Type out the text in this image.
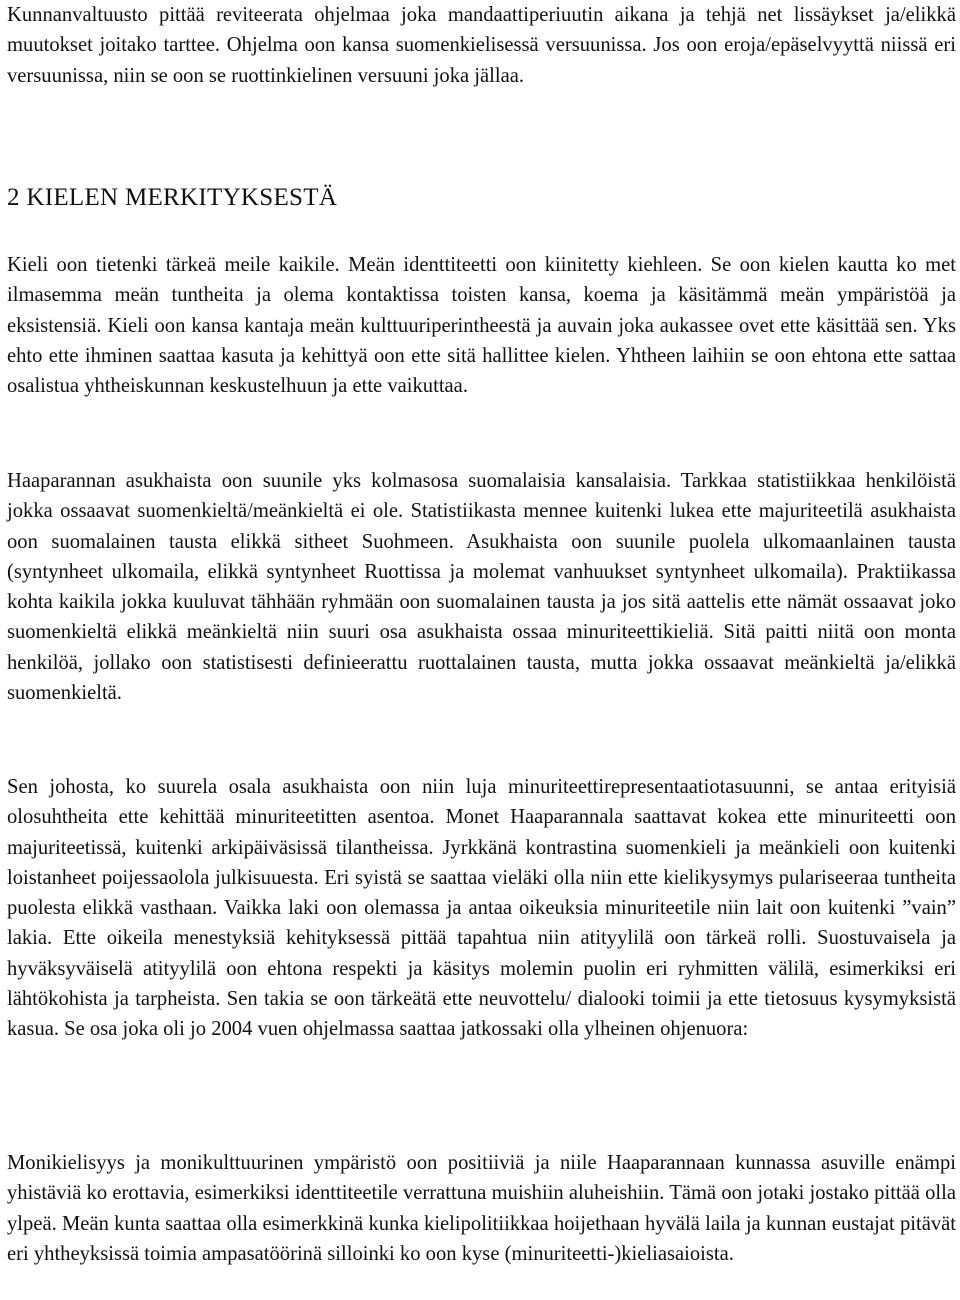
Kunnanvaltuusto pittää reviteerata ohjelmaa joka mandaattiperiuutin aikana ja tehjä net lissäykset ja/elikkä muutokset joitako tarttee. Ohjelma oon kansa suomenkielisessä versuunissa. Jos oon eroja/epäselvyyttä niissä eri versuunissa, niin se oon se ruottinkielinen versuuni joka jällaa.

2 KIELEN MERKITYKSESTÄ

Kieli oon tietenki tärkeä meile kaikile. Meän identtiteetti oon kiinitetty kiehleen. Se oon kielen kautta ko met ilmasemma meän tuntheita ja olema kontaktissa toisten kansa, koema ja käsitämmä meän ympäristöä ja eksistensiä. Kieli oon kansa kantaja meän kulttuuriperintheestä ja auvain joka aukassee ovet ette käsittää sen. Yks ehto ette ihminen saattaa kasuta ja kehittyä oon ette sitä hallittee kielen. Yhtheen laihiin se oon ehtona ette sattaa osalistua yhtheiskunnan keskustelhuun ja ette vaikuttaa.

Haaparannan asukhaista oon suunile yks kolmasosa suomalaisia kansalaisia. Tarkkaa statistiikkaa henkilöistä jokka ossaavat suomenkieltä/meänkieltä ei ole. Statistiikasta mennee kuitenki lukea ette majuriteetilä asukhaista oon suomalainen tausta elikkä sitheet Suohmeen. Asukhaista oon suunile puolela ulkomaanlainen tausta (syntynheet ulkomaila, elikkä syntynheet Ruottissa ja molemat vanhuukset syntynheet ulkomaila). Praktiikassa kohta kaikila jokka kuuluvat tähhään ryhmään oon suomalainen tausta ja jos sitä aattelis ette nämät ossaavat joko suomenkieltä elikkä meänkieltä niin suuri osa asukhaista ossaa minuriteettikieliä. Sitä paitti niitä oon monta henkilöä, jollako oon statistisesti definieerattu ruottalainen tausta, mutta jokka ossaavat meänkieltä ja/elikkä suomenkieltä.

Sen johosta, ko suurela osala asukhaista oon niin luja minuriteettirepresentaatiotasuunni, se antaa erityisiä olosuhtheita ette kehittää minuriteetitten asentoa. Monet Haaparannala saattavat kokea ette minuriteetti oon majuriteetissä, kuitenki arkipäiväsissä tilantheissa. Jyrkkänä kontrastina suomenkieli ja meänkieli oon kuitenki loistanheet poijessaolola julkisuuesta. Eri syistä se saattaa vieläki olla niin ette kielikysymys pulariseeraa tuntheita puolesta elikkä vasthaan. Vaikka laki oon olemassa ja antaa oikeuksia minuriteetile niin lait oon kuitenki ”vain” lakia. Ette oikeila menestyksiä kehityksessä pittää tapahtua niin atityylilä oon tärkeä rolli. Suostuvaisela ja hyväksyväiselä atityylilä oon ehtona respekti ja käsitys molemin puolin eri ryhmitten välilä, esimerkiksi eri lähtökohista ja tarpheista. Sen takia se oon tärkeätä ette neuvottelu/ dialooki toimii ja ette tietosuus kysymyksistä kasua. Se osa joka oli jo 2004 vuen ohjelmassa saattaa jatkossaki olla ylheinen ohjenuora:

Monikielisyys ja monikulttuurinen ympäristö oon positiiviä ja niile Haaparannaan kunnassa asuville enämpi yhistäviä ko erottavia, esimerkiksi identtiteetile verrattuna muishiin aluheishiin. Tämä oon jotaki jostako pittää olla ylpeä. Meän kunta saattaa olla esimerkkinä kunka kielipolitiikkaa hoijethaan hyvälä laila ja kunnan eustajat pitävät eri yhtheyksissä toimia ampasatöörinä silloinki ko oon kyse (minuriteetti-)kieliasaioista.
